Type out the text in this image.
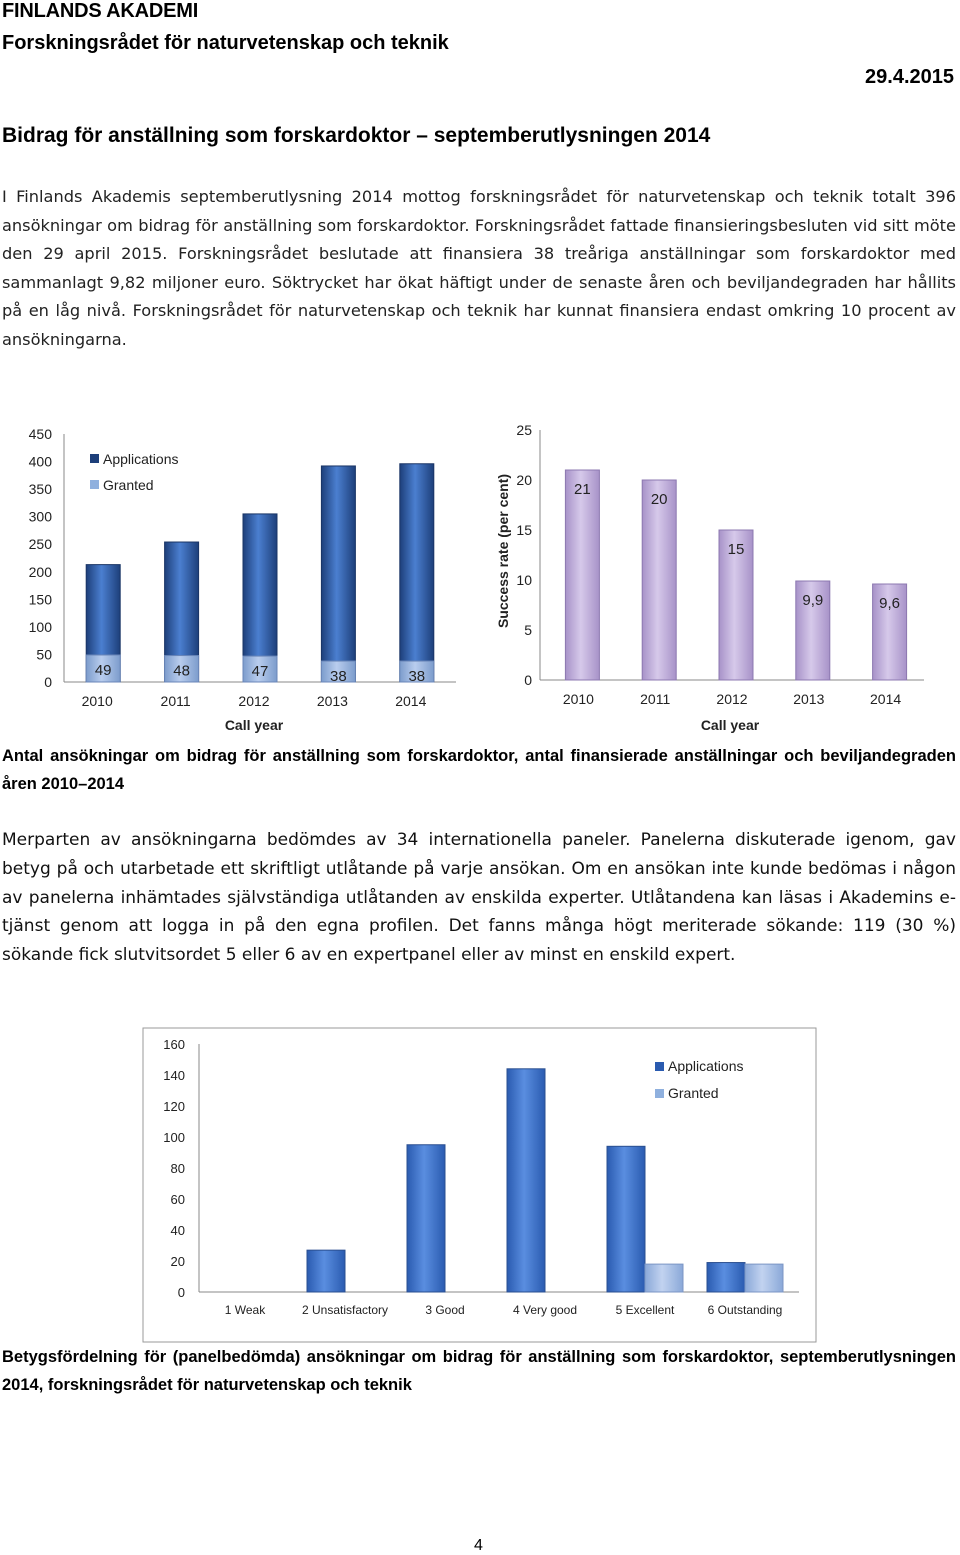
FINLANDS AKADEMI
Forskningsrådet för naturvetenskap och teknik
29.4.2015
Bidrag för anställning som forskardoktor – septemberutlysningen 2014
I Finlands Akademis septemberutlysning 2014 mottog forskningsrådet för naturvetenskap och teknik totalt 396 ansökningar om bidrag för anställning som forskardoktor. Forskningsrådet fattade finansieringsbesluten vid sitt möte den 29 april 2015. Forskningsrådet beslutade att finansiera 38 treåriga anställningar som forskardoktor med sammanlagt 9,82 miljoner euro. Söktrycket har ökat häftigt under de senaste åren och beviljandegraden har hållits på en låg nivå. Forskningsrådet för naturvetenskap och teknik har kunnat finansiera endast omkring 10 procent av ansökningarna.
0
50
100
150
200
250
300
350
400
450
49
2010
48
2011
47
2012
38
2013
38
2014
Call year
Applications
Granted
0
5
10
15
20
25
Success rate (per cent)	21
2010
20
2011
15
2012
9,9
2013
9,6
2014
Call year
Antal ansökningar om bidrag för anställning som forskardoktor, antal finansierade anställningar och beviljandegraden åren 2010–2014
Merparten av ansökningarna bedömdes av 34 internationella paneler. Panelerna diskuterade igenom, gav betyg på och utarbetade ett skriftligt utlåtande på varje ansökan. Om en ansökan inte kunde bedömas i någon av panelerna inhämtades självständiga utlåtanden av enskilda experter. Utlåtandena kan läsas i Akademins e-tjänst genom att logga in på den egna profilen. Det fanns många högt meriterade sökande: 119 (30 %) sökande fick slutvitsordet 5 eller 6 av en expertpanel eller av minst en enskild expert.
0
20
40
60
80
100
120
140
160
1 Weak	2 Unsatisfactory	3 Good	4 Very good	5 Excellent	6 Outstanding
Applications
Granted
Betygsfördelning för (panelbedömda) ansökningar om bidrag för anställning som forskardoktor, septemberutlysningen 2014, forskningsrådet för naturvetenskap och teknik
4
